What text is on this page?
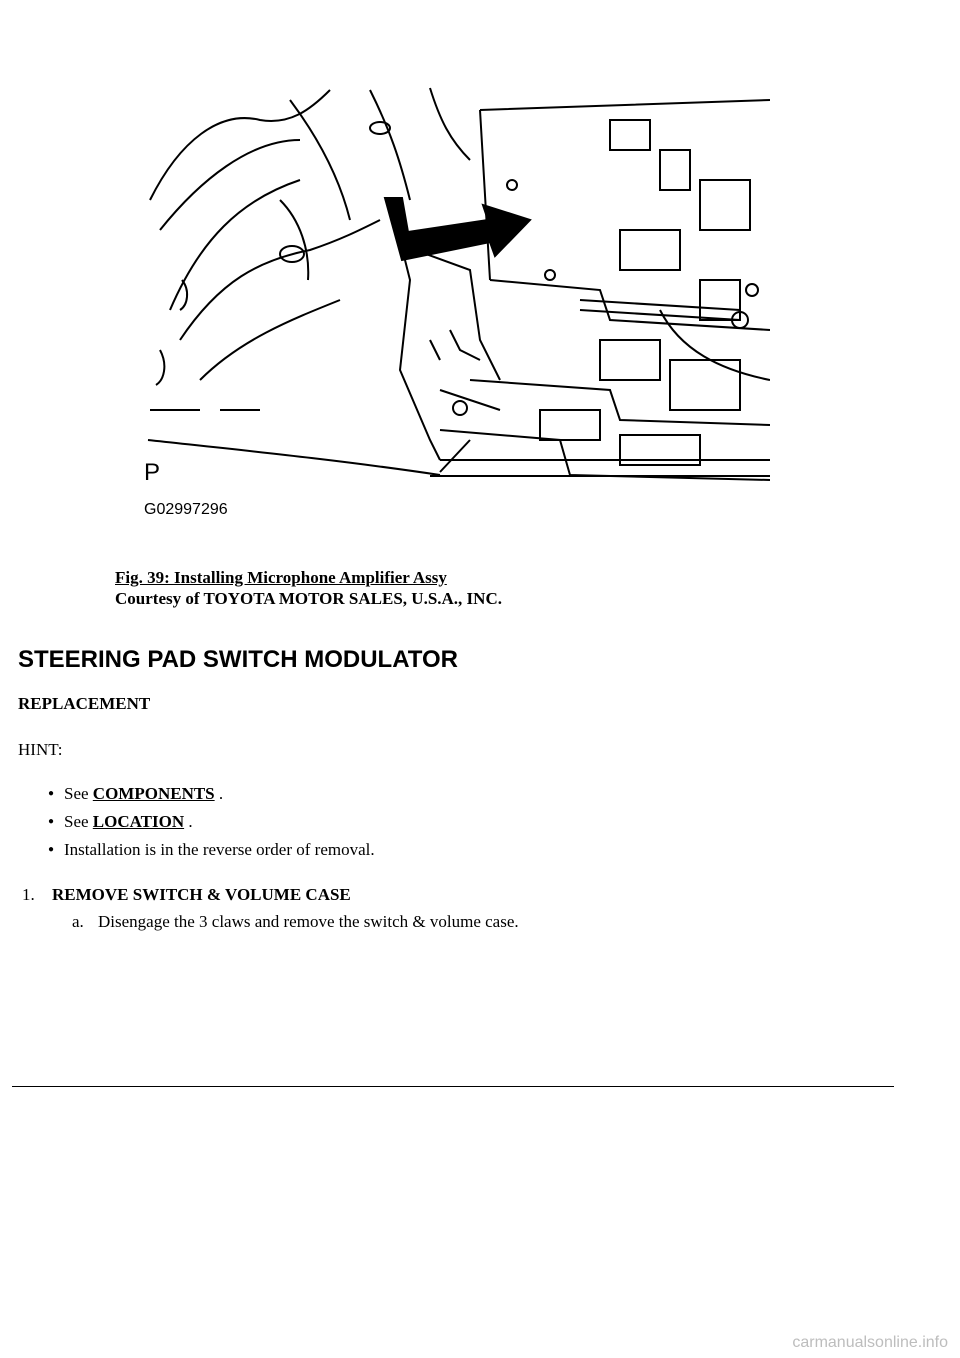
P
G02997296
Fig. 39: Installing Microphone Amplifier Assy
Courtesy of TOYOTA MOTOR SALES, U.S.A., INC.
STEERING PAD SWITCH MODULATOR
REPLACEMENT
HINT:
● See COMPONENTS .
● See LOCATION .
● Installation is in the reverse order of removal.
1. REMOVE SWITCH & VOLUME CASE
a. Disengage the 3 claws and remove the switch & volume case.
carmanualsonline.info
